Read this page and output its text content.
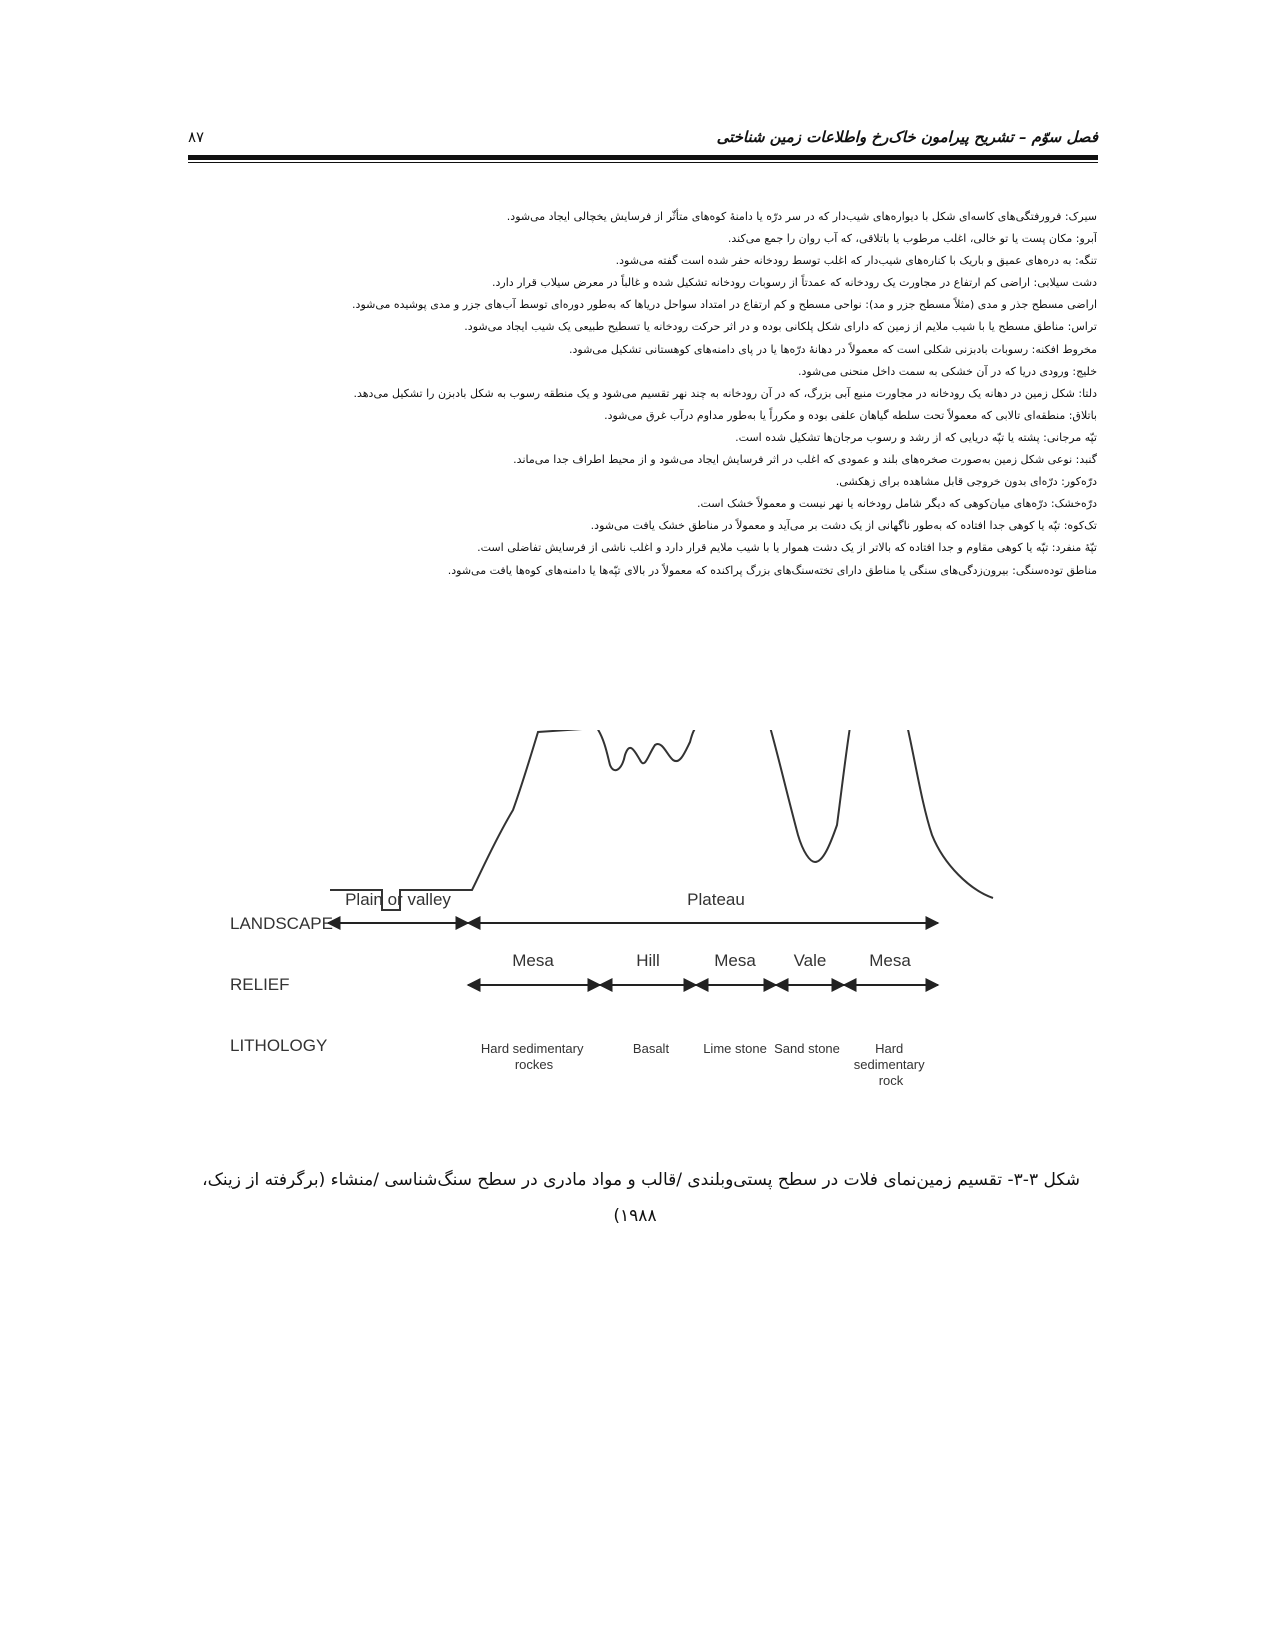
فصل سوّم – تشریح پیرامون خاک‌رخ واطلاعات زمین شناختی
۸۷
سیرک: فرورفتگی‌های کاسه‌ای شکل با دیواره‌های شیب‌دار که در سر درّه یا دامنۀ کوه‌های متأثّر از فرسایش یخچالی ایجاد می‌شود.
آبرو: مکان پست یا تو خالی، اغلب مرطوب یا باتلاقی، که آب روان را جمع می‌کند.
تنگه: به دره‌های عمیق و باریک با کناره‌های شیب‌دار که اغلب توسط رودخانه حفر شده است گفته می‌شود.
دشت سیلابی: اراضی کم ارتفاع در مجاورت یک رودخانه که عمدتاً از رسوبات رودخانه تشکیل شده و غالباً در معرض سیلاب قرار دارد.
اراضی مسطح جذر و مدی (مثلاً مسطح جزر و مد): نواحی مسطح و کم ارتفاع در امتداد سواحل دریاها که به‌طور دوره‌ای توسط آب‌های جزر و مدی پوشیده می‌شود.
تراس: مناطق مسطح یا با شیب ملایم از زمین که دارای شکل پلکانی بوده و در اثر حرکت رودخانه یا تسطیح طبیعی یک شیب ایجاد می‌شود.
مخروط افکنه: رسوبات بادبزنی شکلی است که معمولاً در دهانۀ درّه‌ها یا در پای دامنه‌های کوهستانی تشکیل می‌شود.
خلیج: ورودی دریا که در آن خشکی به سمت داخل منحنی می‌شود.
دلتا: شکل زمین در دهانه یک رودخانه در مجاورت منبع آبی بزرگ، که در آن رودخانه به چند نهر تقسیم می‌شود و یک منطقه رسوب به شکل بادبزن را تشکیل می‌دهد.
باتلاق: منطقه‌ای تالابی که معمولاً تحت سلطه گیاهان علفی بوده و مکرراً یا به‌طور مداوم درآب غرق می‌شود.
تپّه مرجانی: پشته یا تپّه دریایی که از رشد و رسوب مرجان‌ها تشکیل شده است.
گنبد: نوعی شکل زمین به‌صورت صخره‌های بلند و عمودی که اغلب در اثر فرسایش ایجاد می‌شود و از محیط اطراف جدا می‌ماند.
درّه‌کور: درّه‌ای بدون خروجی قابل مشاهده برای زهکشی.
درّه‌خشک: درّه‌های میان‌کوهی که دیگر شامل رودخانه یا نهر نیست و معمولاً خشک است.
تک‌کوه: تپّه یا کوهی جدا افتاده که به‌طور ناگهانی از یک دشت بر می‌آید و معمولاً در مناطق خشک یافت می‌شود.
تپّۀ منفرد: تپّه یا کوهی مقاوم و جدا افتاده که بالاتر از یک دشت هموار یا با شیب ملایم قرار دارد و اغلب ناشی از فرسایش تفاضلی است.
مناطق توده‌سنگی: بیرون‌زدگی‌های سنگی یا مناطق دارای تخته‌سنگ‌های بزرگ پراکنده که معمولاً در بالای تپّه‌ها یا دامنه‌های کوه‌ها یافت می‌شود.
LANDSCAPE
RELIEF
LITHOLOGY
Plain or valley	Plateau
Mesa	Hill	Mesa Vale	Mesa
Hard sedimentary rockes
Basalt	Lime stone Sand stone	Hard sedimentary rock
شکل ۳-۳- تقسیم زمین‌نمای فلات در سطح پستی‌وبلندی /قالب و مواد مادری در سطح سنگ‌شناسی /منشاء (برگرفته از زینک،
۱۹۸۸)
